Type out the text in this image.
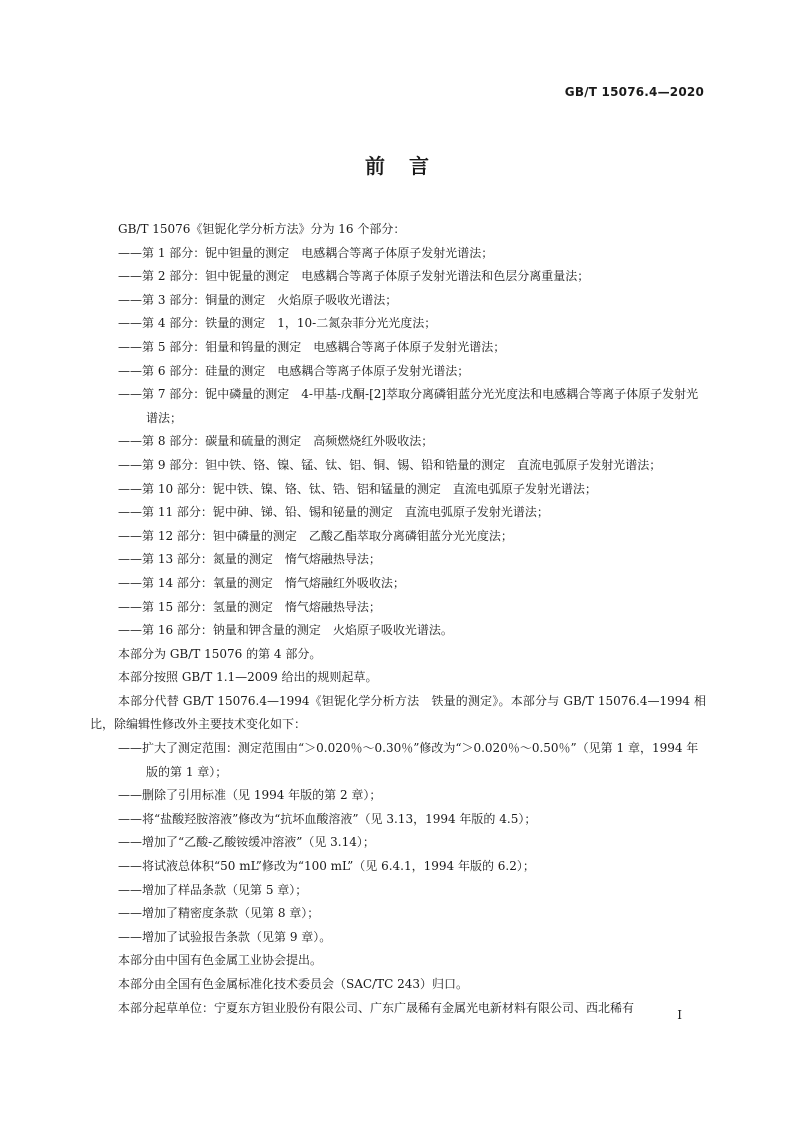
GB/T 15076.4—2020
前言

GB/T 15076《钽铌化学分析方法》分为 16 个部分：

——第 1 部分：铌中钽量的测定　电感耦合等离子体原子发射光谱法；

——第 2 部分：钽中铌量的测定　电感耦合等离子体原子发射光谱法和色层分离重量法；

——第 3 部分：铜量的测定　火焰原子吸收光谱法；

——第 4 部分：铁量的测定　1，10-二氮杂菲分光光度法；

——第 5 部分：钼量和钨量的测定　电感耦合等离子体原子发射光谱法；

——第 6 部分：硅量的测定　电感耦合等离子体原子发射光谱法；

——第 7 部分：铌中磷量的测定　4-甲基-戊酮-[2]萃取分离磷钼蓝分光光度法和电感耦合等离子体原子发射光谱法；

——第 8 部分：碳量和硫量的测定　高频燃烧红外吸收法；

——第 9 部分：钽中铁、铬、镍、锰、钛、铝、铜、锡、铅和锆量的测定　直流电弧原子发射光谱法；

——第 10 部分：铌中铁、镍、铬、钛、锆、铝和锰量的测定　直流电弧原子发射光谱法；

——第 11 部分：铌中砷、锑、铅、锡和铋量的测定　直流电弧原子发射光谱法；

——第 12 部分：钽中磷量的测定　乙酸乙酯萃取分离磷钼蓝分光光度法；

——第 13 部分：氮量的测定　惰气熔融热导法；

——第 14 部分：氧量的测定　惰气熔融红外吸收法；

——第 15 部分：氢量的测定　惰气熔融热导法；

——第 16 部分：钠量和钾含量的测定　火焰原子吸收光谱法。

本部分为 GB/T 15076 的第 4 部分。

本部分按照 GB/T 1.1—2009 给出的规则起草。

本部分代替 GB/T 15076.4—1994《钽铌化学分析方法　铁量的测定》。本部分与 GB/T 15076.4—1994 相比，除编辑性修改外主要技术变化如下：

——扩大了测定范围：测定范围由“＞0.020％～0.30％”修改为“＞0.020％～0.50％”（见第 1 章，1994 年版的第 1 章）；

——删除了引用标准（见 1994 年版的第 2 章）；

——将“盐酸羟胺溶液”修改为“抗坏血酸溶液”（见 3.13，1994 年版的 4.5）；

——增加了“乙酸-乙酸铵缓冲溶液”（见 3.14）；

——将试液总体积“50 mL”修改为“100 mL”（见 6.4.1，1994 年版的 6.2）；

——增加了样品条款（见第 5 章）；

——增加了精密度条款（见第 8 章）；

——增加了试验报告条款（见第 9 章）。

本部分由中国有色金属工业协会提出。

本部分由全国有色金属标准化技术委员会（SAC/TC 243）归口。

本部分起草单位：宁夏东方钽业股份有限公司、广东广晟稀有金属光电新材料有限公司、西北稀有

I
